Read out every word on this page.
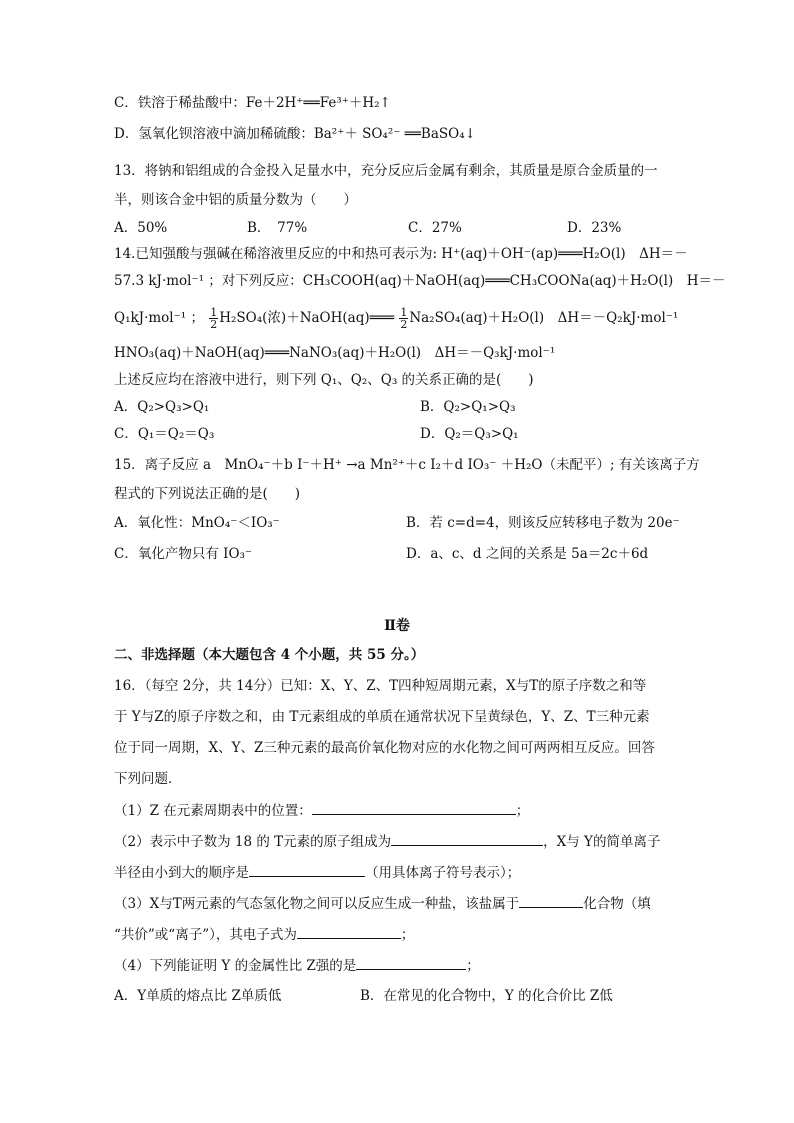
C．铁溶于稀盐酸中：Fe＋2H⁺══Fe³⁺＋H₂↑
D．氢氧化钡溶液中滴加稀硫酸：Ba²⁺＋ SO₄²⁻ ══BaSO₄↓
13．将钠和铝组成的合金投入足量水中，充分反应后金属有剩余，其质量是原合金质量的一
半，则该合金中铝的质量分数为（　　）
A．50%	B．　77%	C．27%	D．23%
14.已知强酸与强碱在稀溶液里反应的中和热可表示为: H⁺(aq)＋OH⁻(ap)═══H₂O(l)　ΔH＝－
57.3 kJ·mol⁻¹ ；对下列反应：CH₃COOH(aq)＋NaOH(aq)═══CH₃COONa(aq)＋H₂O(l)　H＝－
Q₁kJ·mol⁻¹ ； $\frac{1}{2} H_2SO_4$(浓)＋NaOH(aq)═══ $\frac{1}{2} Na_2SO_4(aq)+H_2O(l)$　ΔH＝－Q₂kJ·mol⁻¹
HNO₃(aq)＋NaOH(aq)═══NaNO₃(aq)＋H₂O(l)　ΔH＝－Q₃kJ·mol⁻¹
上述反应均在溶液中进行，则下列 Q₁、Q₂、Q₃ 的关系正确的是(　　)
A．Q₂>Q₃>Q₁	B．Q₂>Q₁>Q₃
C．Q₁＝Q₂＝Q₃	D．Q₂＝Q₃>Q₁
15．离子反应 a　MnO₄⁻＋b I⁻＋H⁺ →a Mn²⁺＋c I₂＋d IO₃⁻ ＋H₂O（未配平）; 有关该离子方
程式的下列说法正确的是(　　)
A．氧化性：MnO₄⁻＜IO₃⁻	B．若 c=d=4，则该反应转移电子数为 20e⁻
C．氧化产物只有 IO₃⁻	D．a、c、d 之间的关系是 5a＝2c＋6d
Ⅱ卷
二、非选择题（本大题包含 4 个小题，共 55 分。）
16．（每空 2分，共 14分）已知：X、Y、Z、T四种短周期元素，X与T的原子序数之和等
于 Y与Z的原子序数之和，由 T元素组成的单质在通常状况下呈黄绿色，Y、Z、T三种元素
位于同一周期，X、Y、Z三种元素的最高价氧化物对应的水化物之间可两两相互反应。回答
下列问题．
（1）Z 在元素周期表中的位置：	；
（2）表示中子数为 18 的 T元素的原子组成为	，X与 Y的简单离子
半径由小到大的顺序是	（用具体离子符号表示）；
（3）X与T两元素的气态氢化物之间可以反应生成一种盐，该盐属于	化合物（填
“共价”或“离子”），其电子式为	；
（4）下列能证明 Y 的金属性比 Z强的是	；
A．Y单质的熔点比 Z单质低	B．在常见的化合物中，Y 的化合价比 Z低
